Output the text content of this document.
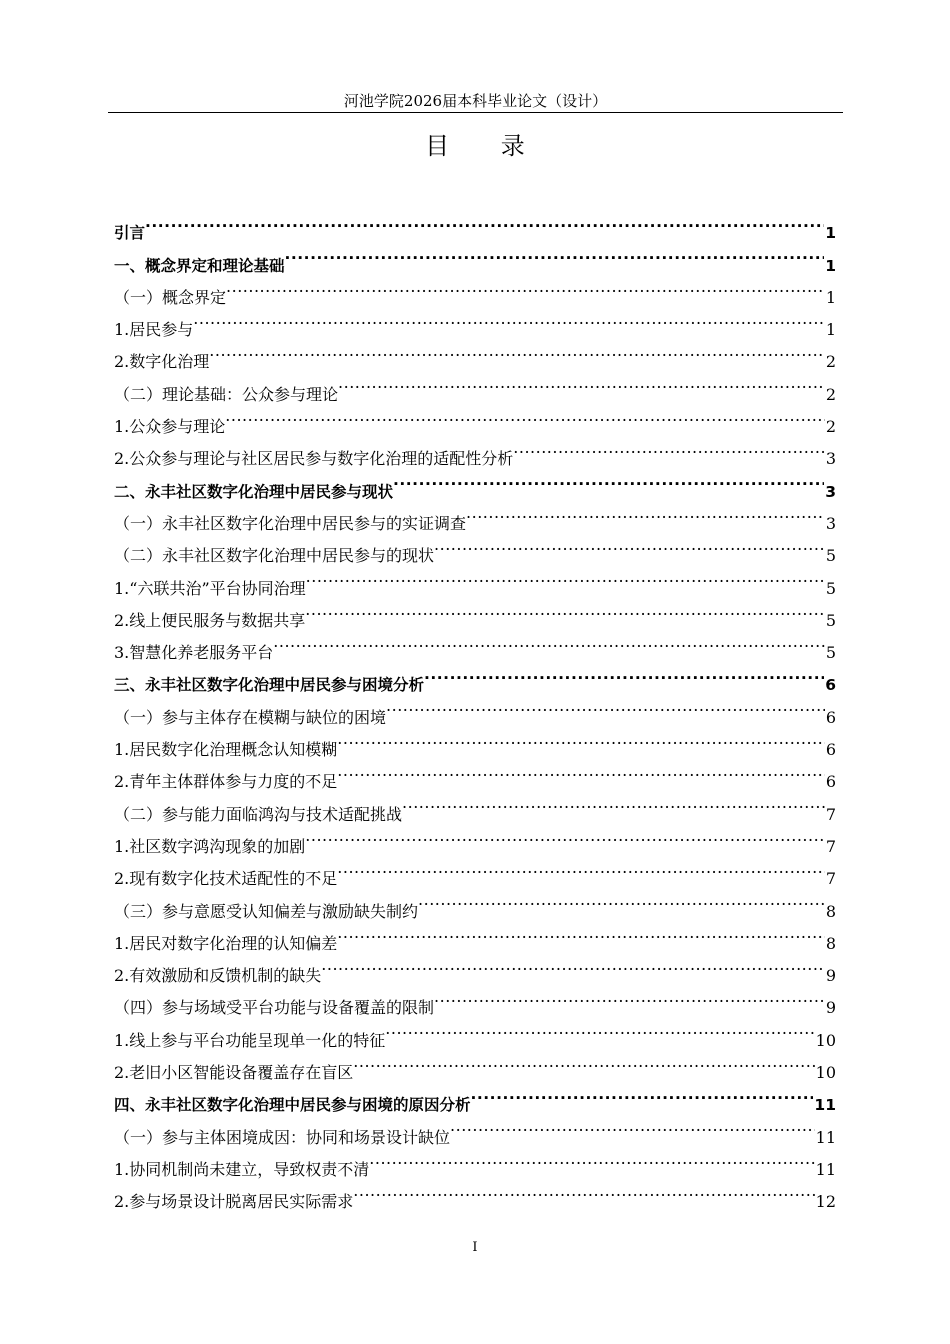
河池学院2026届本科毕业论文（设计）
目 录
引言 .....	1
一、概念界定和理论基础 .....	1
（一）概念界定 .....	1
1.居民参与 .....	1
2.数字化治理 .....	2
（二）理论基础：公众参与理论 .....	2
1.公众参与理论 .....	2
2.公众参与理论与社区居民参与数字化治理的适配性分析 .....	3
二、永丰社区数字化治理中居民参与现状 .....	3
（一）永丰社区数字化治理中居民参与的实证调查 .....	3
（二）永丰社区数字化治理中居民参与的现状 .....	5
1.“六联共治”平台协同治理 .....	5
2.线上便民服务与数据共享 .....	5
3.智慧化养老服务平台 .....	5
三、永丰社区数字化治理中居民参与困境分析 .....	6
（一）参与主体存在模糊与缺位的困境 .....	6
1.居民数字化治理概念认知模糊 .....	6
2.青年主体群体参与力度的不足 .....	6
（二）参与能力面临鸿沟与技术适配挑战 .....	7
1.社区数字鸿沟现象的加剧 .....	7
2.现有数字化技术适配性的不足 .....	7
（三）参与意愿受认知偏差与激励缺失制约 .....	8
1.居民对数字化治理的认知偏差 .....	8
2.有效激励和反馈机制的缺失 .....	9
（四）参与场域受平台功能与设备覆盖的限制 .....	9
1.线上参与平台功能呈现单一化的特征 .....	10
2.老旧小区智能设备覆盖存在盲区 .....	10
四、永丰社区数字化治理中居民参与困境的原因分析 .....	11
（一）参与主体困境成因：协同和场景设计缺位 .....	11
1.协同机制尚未建立，导致权责不清 .....	11
2.参与场景设计脱离居民实际需求 .....	12
I
